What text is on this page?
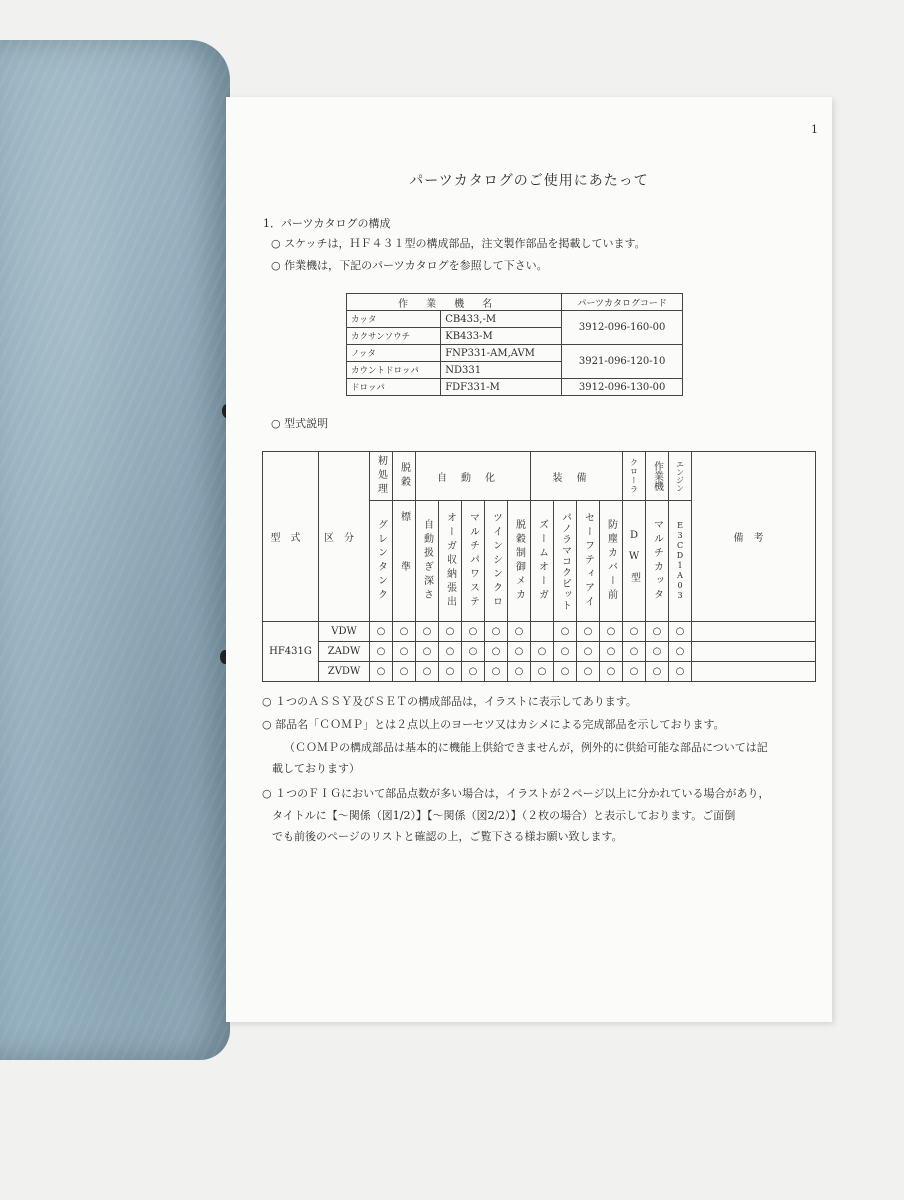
1
パーツカタログのご使用にあたって
1．パーツカタログの構成
○ スケッチは，ＨＦ４３１型の構成部品，注文製作部品を掲載しています。
○ 作業機は，下記のパーツカタログを参照して下さい。
作業機名		パーツカタログコード
カッタ	CB433,-M	3912-096-160-00
カクサンソウチ	KB433-M	
ノッタ	FNP331-AM,AVM	3921-096-120-10
カウントドロッパ	ND331	
ドロッパ	FDF331-M	3912-096-130-00
○ 型式説明
型式	区分	籾処理	脱穀	自動化					装備				クローラ	作業機	エンジン	備考

		グレンタンク	標準	自動扱ぎ深さ	オーガ収納張出	マルチパワステ	ツインシンクロ	脱穀制御メカ	ズームオーガ	パノラマコクピット	セーフティアイ	防塵カバー前	DW型	マルチカッタ	E3CD1A03	

HF431G	VDW	○	○	○	○	○	○	○		○	○	○	○	○	○	
	ZADW	○	○	○	○	○	○	○	○	○	○	○	○	○	○	
	ZVDW	○	○	○	○	○	○	○	○	○	○	○	○	○	○	
○ １つのＡＳＳＹ及びＳＥＴの構成部品は，イラストに表示してあります。
○ 部品名「ＣＯＭＰ」とは２点以上のヨーセツ又はカシメによる完成部品を示しております。
（ＣＯＭＰの構成部品は基本的に機能上供給できませんが，例外的に供給可能な部品については記
載しております）
○ １つのＦＩＧにおいて部品点数が多い場合は，イラストが２ページ以上に分かれている場合があり，
タイトルに【～関係（図1/2）】【～関係（図2/2）】（２枚の場合）と表示しております。ご面倒
でも前後のページのリストと確認の上，ご覧下さる様お願い致します。
